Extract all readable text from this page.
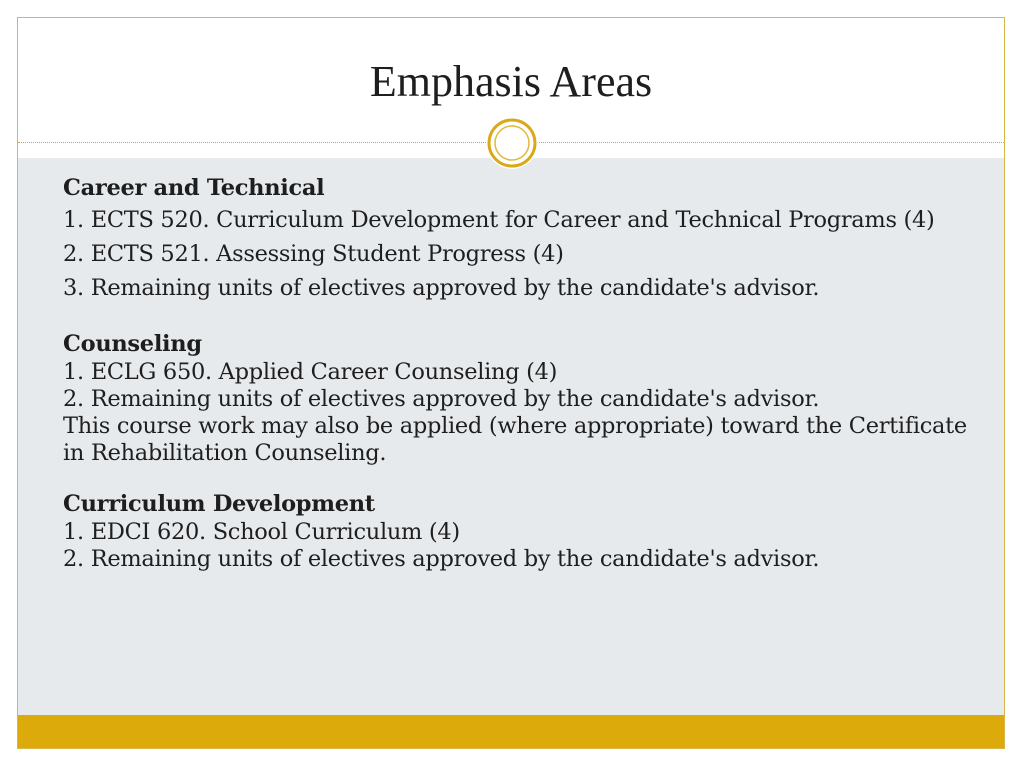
Emphasis Areas

Career and Technical

1. ECTS 520. Curriculum Development for Career and Technical Programs (4)

2. ECTS 521. Assessing Student Progress (4)

3. Remaining units of electives approved by the candidate's advisor.

Counseling

1. ECLG 650. Applied Career Counseling (4)

2. Remaining units of electives approved by the candidate's advisor.

This course work may also be applied (where appropriate) toward the Certificate in Rehabilitation Counseling.

Curriculum Development

1. EDCI 620. School Curriculum (4)

2. Remaining units of electives approved by the candidate's advisor.
